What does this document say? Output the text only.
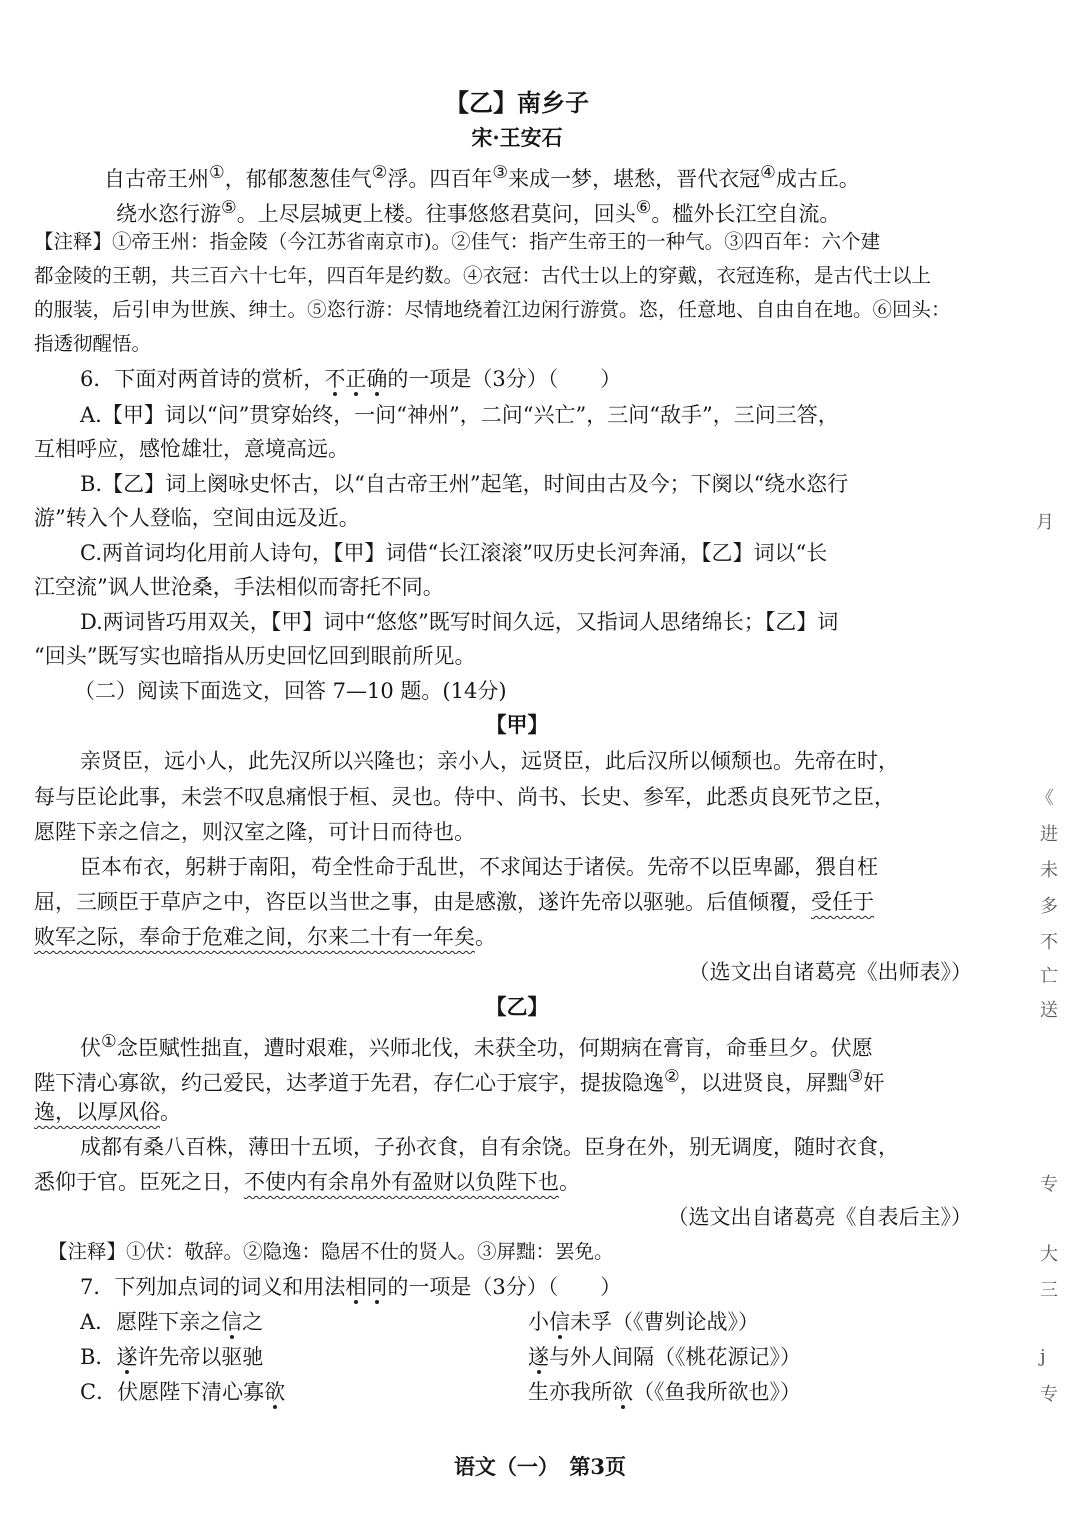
【乙】南乡子
宋·王安石
自古帝王州①，郁郁葱葱佳气②浮。四百年③来成一梦，堪愁，晋代衣冠④成古丘。
绕水恣行游⑤。上尽层城更上楼。往事悠悠君莫问，回头⑥。槛外长江空自流。
【注释】①帝王州：指金陵（今江苏省南京市)。②佳气：指产生帝王的一种气。③四百年：六个建
都金陵的王朝，共三百六十七年，四百年是约数。④衣冠：古代士以上的穿戴，衣冠连称，是古代士以上
的服装，后引申为世族、绅士。⑤恣行游：尽情地绕着江边闲行游赏。恣，任意地、自由自在地。⑥回头：
指透彻醒悟。
6．下面对两首诗的赏析，不正确的一项是（3分）（　　）
A.【甲】词以“问”贯穿始终，一问“神州”，二问“兴亡”，三问“敌手”，三问三答，
互相呼应，感怆雄壮，意境高远。
B.【乙】词上阕咏史怀古，以“自古帝王州”起笔，时间由古及今；下阕以“绕水恣行
游”转入个人登临，空间由远及近。
C.两首词均化用前人诗句，【甲】词借“长江滚滚”叹历史长河奔涌，【乙】词以“长
江空流”讽人世沧桑，手法相似而寄托不同。
D.两词皆巧用双关，【甲】词中“悠悠”既写时间久远，又指词人思绪绵长；【乙】词
“回头”既写实也暗指从历史回忆回到眼前所见。
（二）阅读下面选文，回答 7—10 题。(14分)
【甲】
亲贤臣，远小人，此先汉所以兴隆也；亲小人，远贤臣，此后汉所以倾颓也。先帝在时，
每与臣论此事，未尝不叹息痛恨于桓、灵也。侍中、尚书、长史、参军，此悉贞良死节之臣，
愿陛下亲之信之，则汉室之隆，可计日而待也。
臣本布衣，躬耕于南阳，苟全性命于乱世，不求闻达于诸侯。先帝不以臣卑鄙，猥自枉
屈，三顾臣于草庐之中，咨臣以当世之事，由是感激，遂许先帝以驱驰。后值倾覆，受任于
败军之际，奉命于危难之间，尔来二十有一年矣。
（选文出自诸葛亮《出师表》）
【乙】
伏①念臣赋性拙直，遭时艰难，兴师北伐，未获全功，何期病在膏肓，命垂旦夕。伏愿
陛下清心寡欲，约己爱民，达孝道于先君，存仁心于宸宇，提拔隐逸②，以进贤良，屏黜③奸
逸，以厚风俗。
成都有桑八百株，薄田十五顷，子孙衣食，自有余饶。臣身在外，别无调度，随时衣食，
悉仰于官。臣死之日，不使内有余帛外有盈财以负陛下也。
（选文出自诸葛亮《自表后主》）
【注释】①伏：敬辞。②隐逸：隐居不仕的贤人。③屏黜：罢免。
7．下列加点词的词义和用法相同的一项是（3分）（　　）
A．愿陛下亲之信之	小信未孚（《曹刿论战》）
B．遂许先帝以驱驰	遂与外人间隔（《桃花源记》）
C．伏愿陛下清心寡欲	生亦我所欲（《鱼我所欲也》）
语文（一）　第3页
月
《
进
未
多
不
亡
送
专
大
三
j
专
